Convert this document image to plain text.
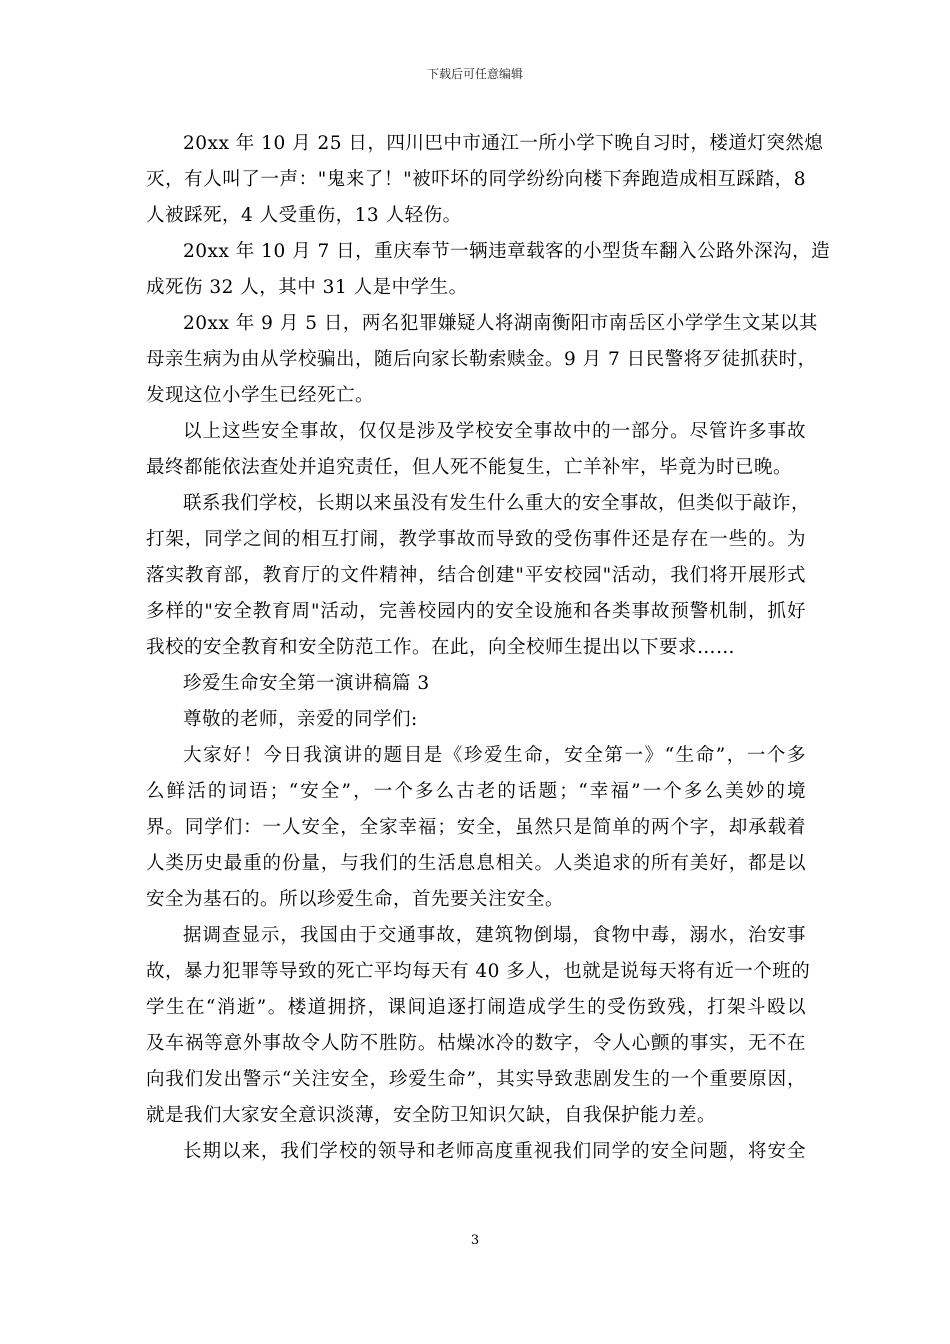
下载后可任意编辑
20xx 年 10 月 25 日，四川巴中市通江一所小学下晚自习时，楼道灯突然熄
灭，有人叫了一声："鬼来了！"被吓坏的同学纷纷向楼下奔跑造成相互踩踏，8
人被踩死，4 人受重伤，13 人轻伤。
20xx 年 10 月 7 日，重庆奉节一辆违章载客的小型货车翻入公路外深沟，造
成死伤 32 人，其中 31 人是中学生。
20xx 年 9 月 5 日，两名犯罪嫌疑人将湖南衡阳市南岳区小学学生文某以其
母亲生病为由从学校骗出，随后向家长勒索赎金。9 月 7 日民警将歹徒抓获时，
发现这位小学生已经死亡。
以上这些安全事故，仅仅是涉及学校安全事故中的一部分。尽管许多事故
最终都能依法查处并追究责任，但人死不能复生，亡羊补牢，毕竟为时已晚。
联系我们学校，长期以来虽没有发生什么重大的安全事故，但类似于敲诈，
打架，同学之间的相互打闹，教学事故而导致的受伤事件还是存在一些的。为
落实教育部，教育厅的文件精神，结合创建"平安校园"活动，我们将开展形式
多样的"安全教育周"活动，完善校园内的安全设施和各类事故预警机制，抓好
我校的安全教育和安全防范工作。在此，向全校师生提出以下要求……
珍爱生命安全第一演讲稿篇 3
尊敬的老师，亲爱的同学们:
大家好！今日我演讲的题目是《珍爱生命，安全第一》“生命”，一个多
么鲜活的词语；“安全”，一个多么古老的话题；“幸福”一个多么美妙的境
界。同学们：一人安全，全家幸福；安全，虽然只是简单的两个字，却承载着
人类历史最重的份量，与我们的生活息息相关。人类追求的所有美好，都是以
安全为基石的。所以珍爱生命，首先要关注安全。
据调查显示，我国由于交通事故，建筑物倒塌，食物中毒，溺水，治安事
故，暴力犯罪等导致的死亡平均每天有 40 多人，也就是说每天将有近一个班的
学生在“消逝”。楼道拥挤，课间追逐打闹造成学生的受伤致残，打架斗殴以
及车祸等意外事故令人防不胜防。枯燥冰冷的数字，令人心颤的事实，无不在
向我们发出警示“关注安全，珍爱生命”，其实导致悲剧发生的一个重要原因，
就是我们大家安全意识淡薄，安全防卫知识欠缺，自我保护能力差。
长期以来，我们学校的领导和老师高度重视我们同学的安全问题，将安全
3
